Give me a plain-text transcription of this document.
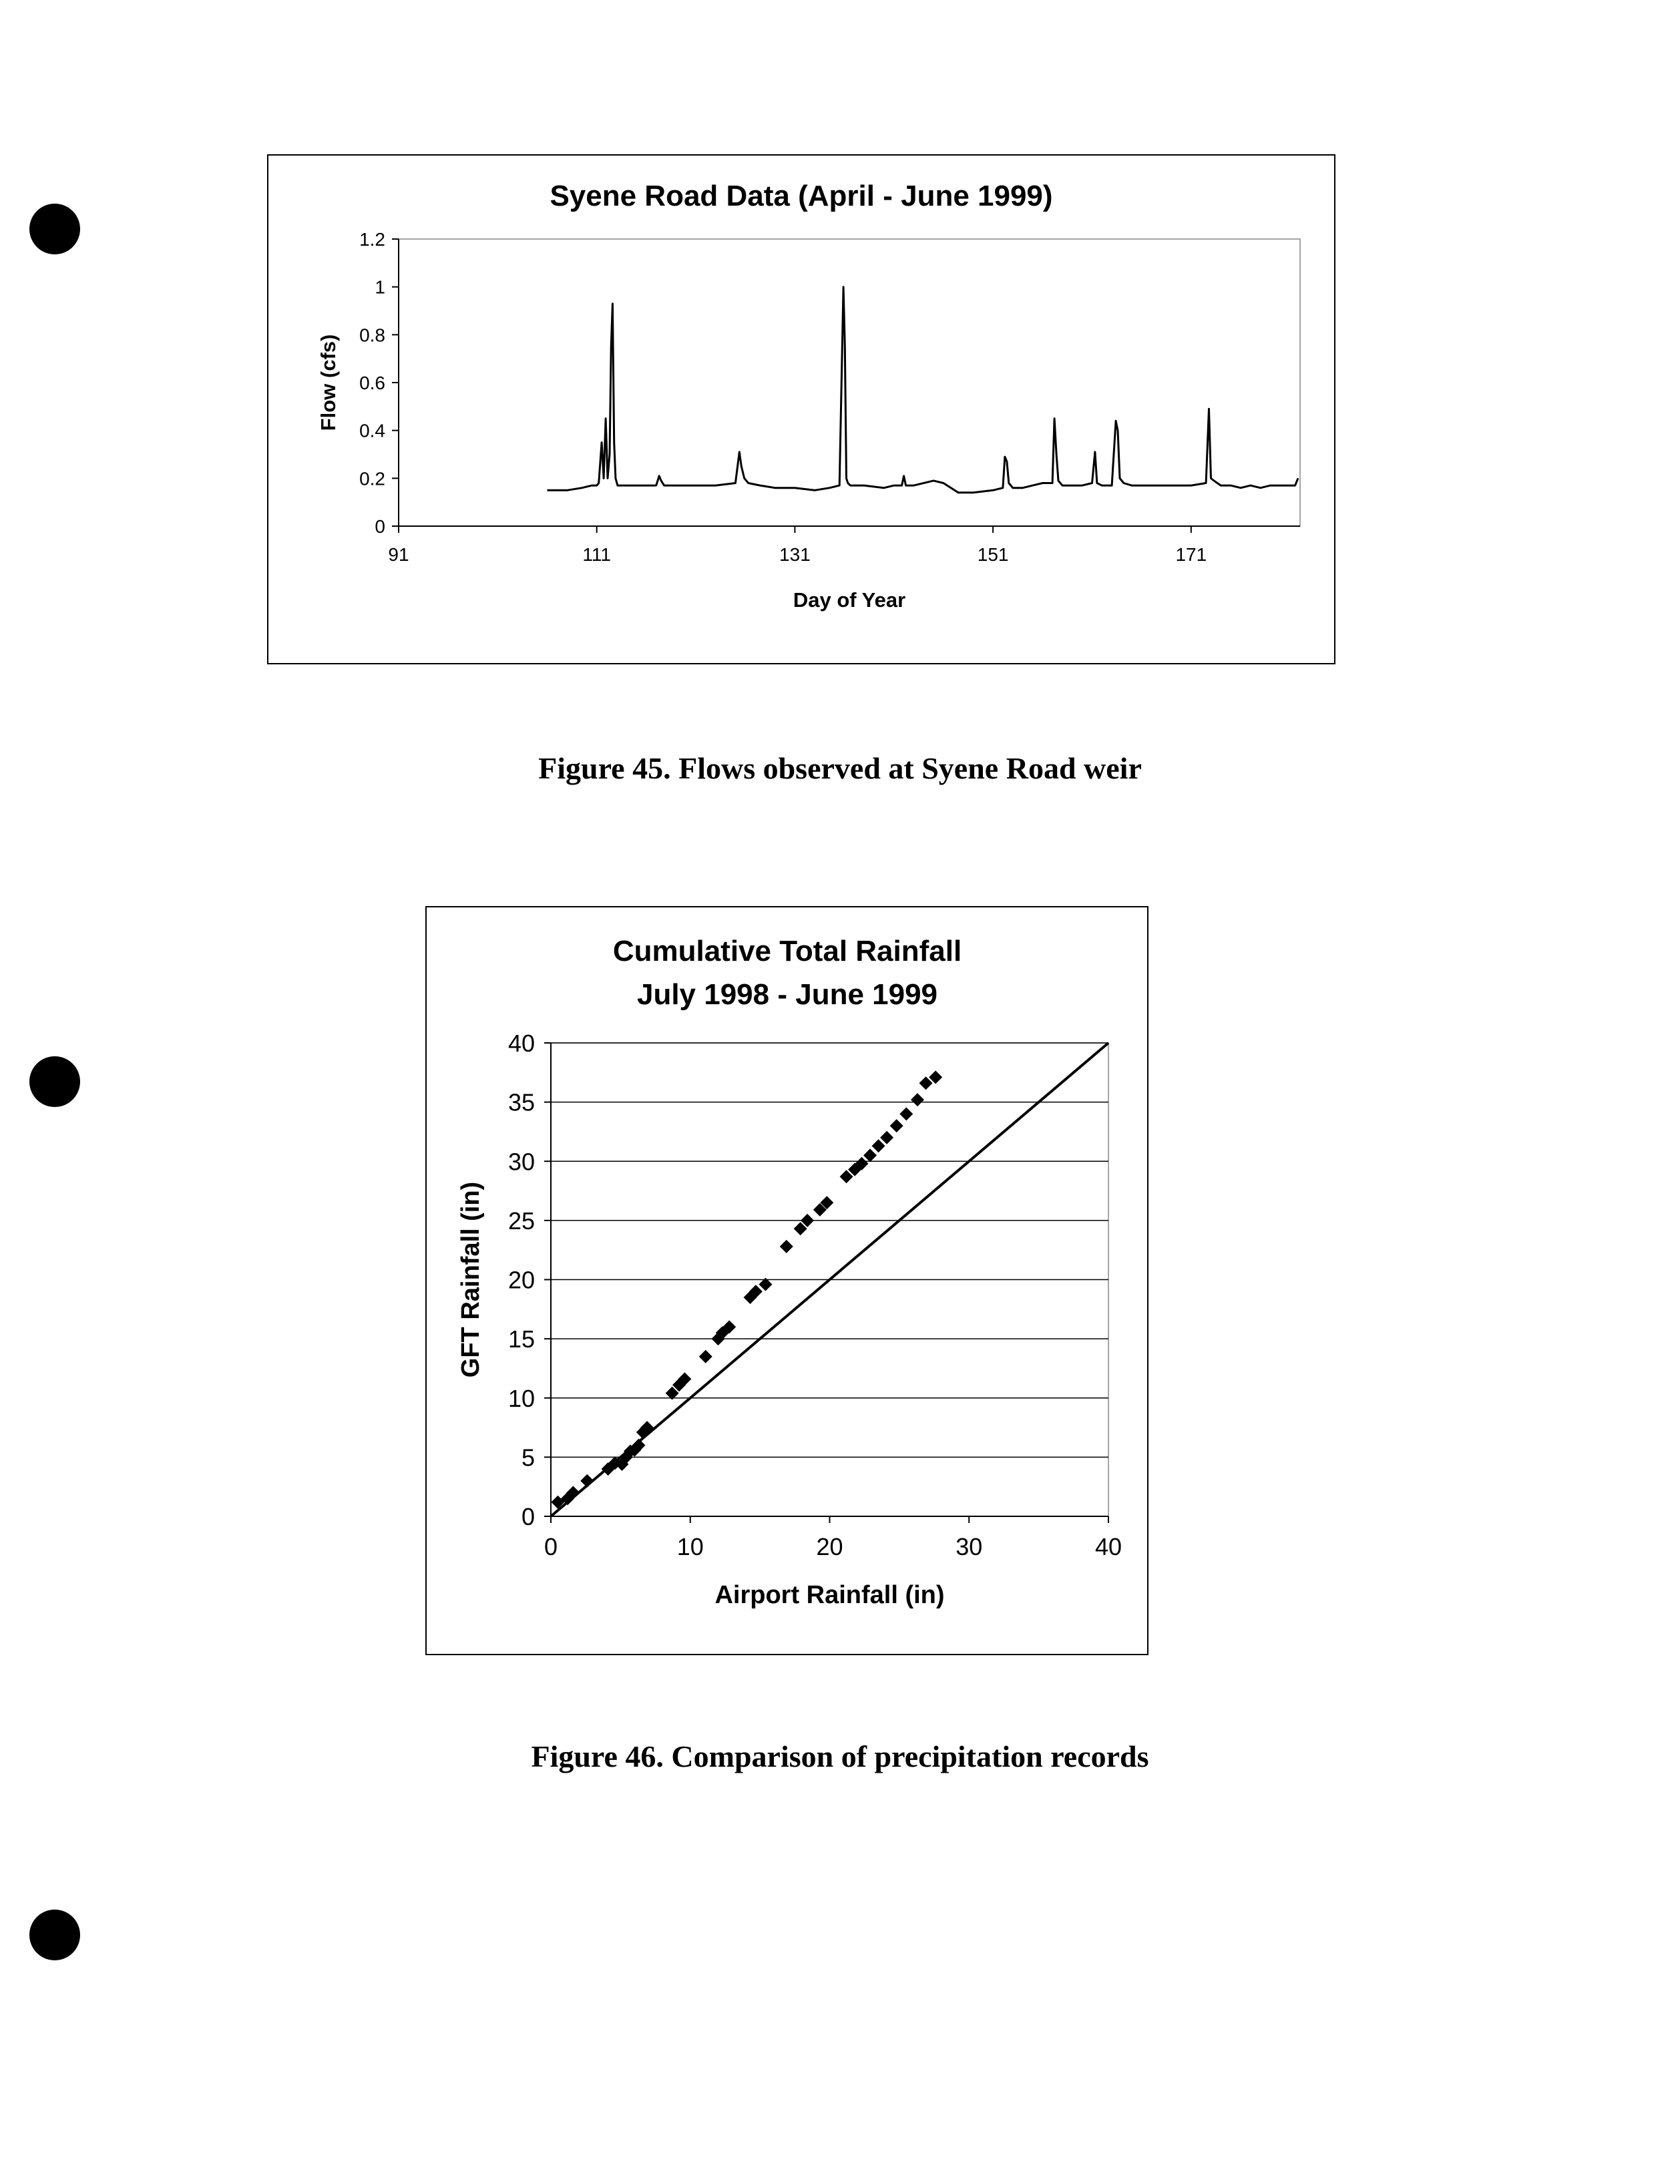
Syene Road Data (April - June 1999)
0
0.2
0.4
0.6
0.8
1
1.2
91	111	131	151	171
Day of Year
Flow (cfs)
Figure 45. Flows observed at Syene Road weir
Cumulative Total Rainfall
July 1998 - June 1999
0
5
10
15
20
25
30
35
40
0	10	20	30	40
Airport Rainfall (in)
GFT Rainfall (in)
Figure 46. Comparison of precipitation records
